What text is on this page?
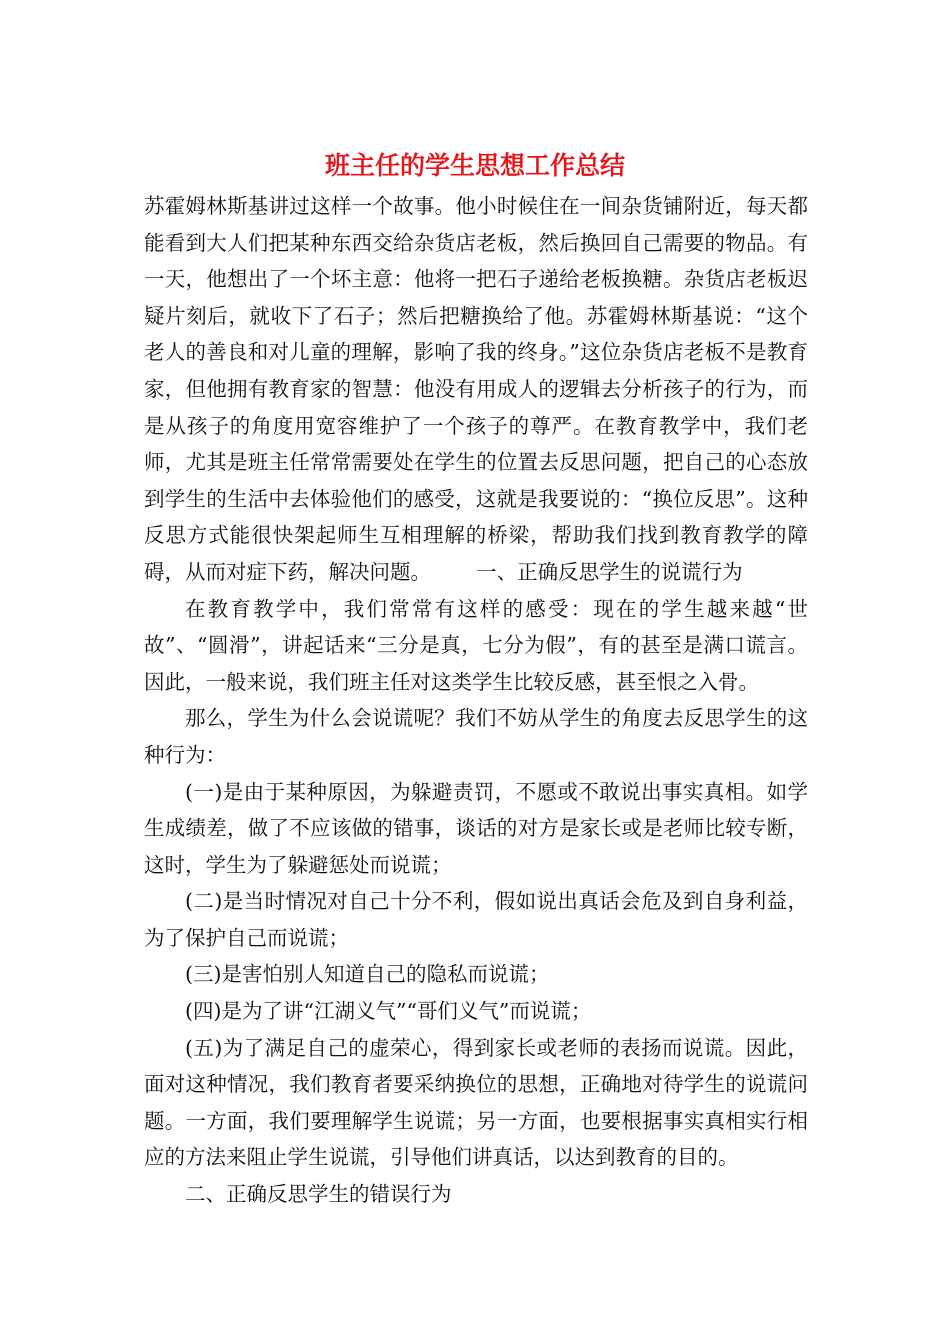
班主任的学生思想工作总结

苏霍姆林斯基讲过这样一个故事。他小时候住在一间杂货铺附近，每天都能看到大人们把某种东西交给杂货店老板，然后换回自己需要的物品。有一天，他想出了一个坏主意：他将一把石子递给老板换糖。杂货店老板迟疑片刻后，就收下了石子；然后把糖换给了他。苏霍姆林斯基说：“这个老人的善良和对儿童的理解，影响了我的终身。”这位杂货店老板不是教育家，但他拥有教育家的智慧：他没有用成人的逻辑去分析孩子的行为，而是从孩子的角度用宽容维护了一个孩子的尊严。在教育教学中，我们老师，尤其是班主任常常需要处在学生的位置去反思问题，把自己的心态放到学生的生活中去体验他们的感受，这就是我要说的：“换位反思”。这种反思方式能很快架起师生互相理解的桥梁，帮助我们找到教育教学的障碍，从而对症下药，解决问题。 一、正确反思学生的说谎行为

在教育教学中，我们常常有这样的感受：现在的学生越来越“世故”、“圆滑”，讲起话来“三分是真，七分为假”，有的甚至是满口谎言。因此，一般来说，我们班主任对这类学生比较反感，甚至恨之入骨。

那么，学生为什么会说谎呢？我们不妨从学生的角度去反思学生的这种行为：

(一)是由于某种原因，为躲避责罚，不愿或不敢说出事实真相。如学生成绩差，做了不应该做的错事，谈话的对方是家长或是老师比较专断，这时，学生为了躲避惩处而说谎；

(二)是当时情况对自己十分不利，假如说出真话会危及到自身利益，为了保护自己而说谎；

(三)是害怕别人知道自己的隐私而说谎；

(四)是为了讲“江湖义气”“哥们义气”而说谎；

(五)为了满足自己的虚荣心，得到家长或老师的表扬而说谎。因此，面对这种情况，我们教育者要采纳换位的思想，正确地对待学生的说谎问题。一方面，我们要理解学生说谎；另一方面，也要根据事实真相实行相应的方法来阻止学生说谎，引导他们讲真话，以达到教育的目的。

二、正确反思学生的错误行为
